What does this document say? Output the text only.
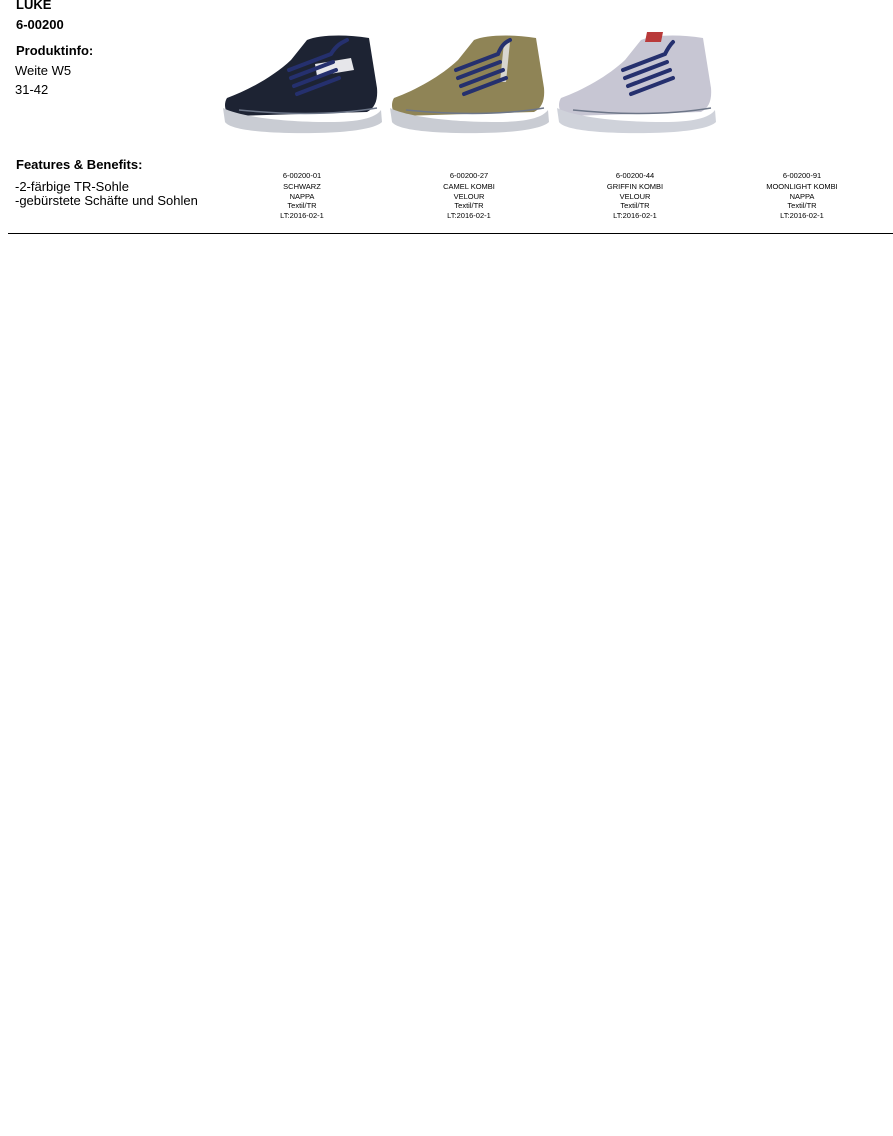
LUKE
6-00200
Produktinfo:
Weite W5
31-42
Features & Benefits:
-2-färbige TR-Sohle
-gebürstete Schäfte und Sohlen
6-00200-01
SCHWARZ
NAPPA
Textil/TR
LT:2016-02-1
6-00200-27
CAMEL KOMBI
VELOUR
Textil/TR
LT:2016-02-1
6-00200-44
GRIFFIN KOMBI
VELOUR
Textil/TR
LT:2016-02-1
6-00200-91
MOONLIGHT KOMBI
NAPPA
Textil/TR
LT:2016-02-1
